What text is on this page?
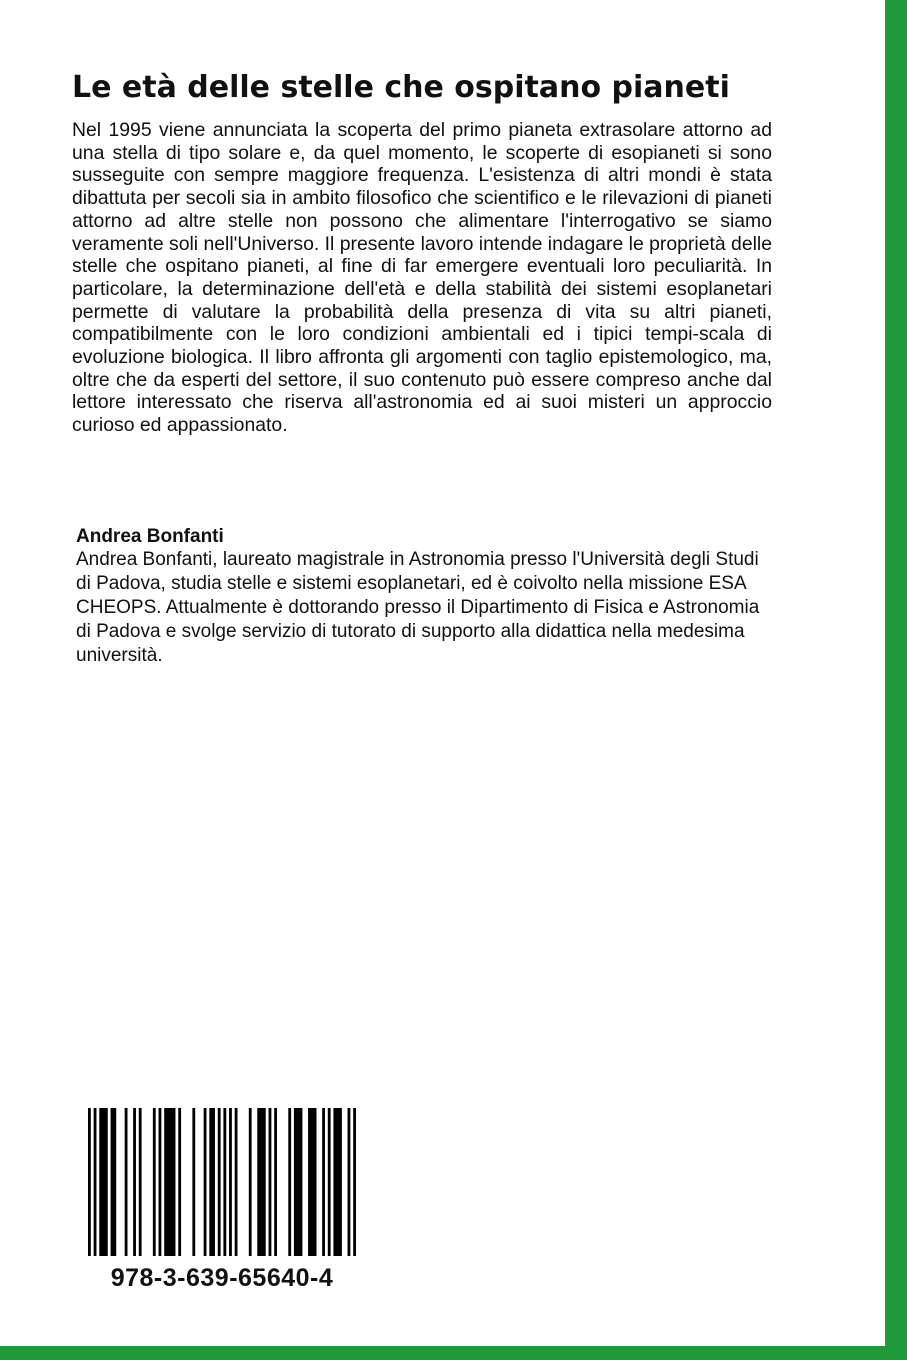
Le età delle stelle che ospitano pianeti

Nel 1995 viene annunciata la scoperta del primo pianeta extrasolare attorno ad una stella di tipo solare e, da quel momento, le scoperte di esopianeti si sono susseguite con sempre maggiore frequenza. L'esistenza di altri mondi è stata dibattuta per secoli sia in ambito filosofico che scientifico e le rilevazioni di pianeti attorno ad altre stelle non possono che alimentare l'interrogativo se siamo veramente soli nell'Universo. Il presente lavoro intende indagare le proprietà delle stelle che ospitano pianeti, al fine di far emergere eventuali loro peculiarità. In particolare, la determinazione dell'età e della stabilità dei sistemi esoplanetari permette di valutare la probabilità della presenza di vita su altri pianeti, compatibilmente con le loro condizioni ambientali ed i tipici tempi-scala di evoluzione biologica. Il libro affronta gli argomenti con taglio epistemologico, ma, oltre che da esperti del settore, il suo contenuto può essere compreso anche dal lettore interessato che riserva all'astronomia ed ai suoi misteri un approccio curioso ed appassionato.

Andrea Bonfanti

Andrea Bonfanti, laureato magistrale in Astronomia presso l'Università degli Studi di Padova, studia stelle e sistemi esoplanetari, ed è coivolto nella missione ESA CHEOPS. Attualmente è dottorando presso il Dipartimento di Fisica e Astronomia di Padova e svolge servizio di tutorato di supporto alla didattica nella medesima università.

978-3-639-65640-4
